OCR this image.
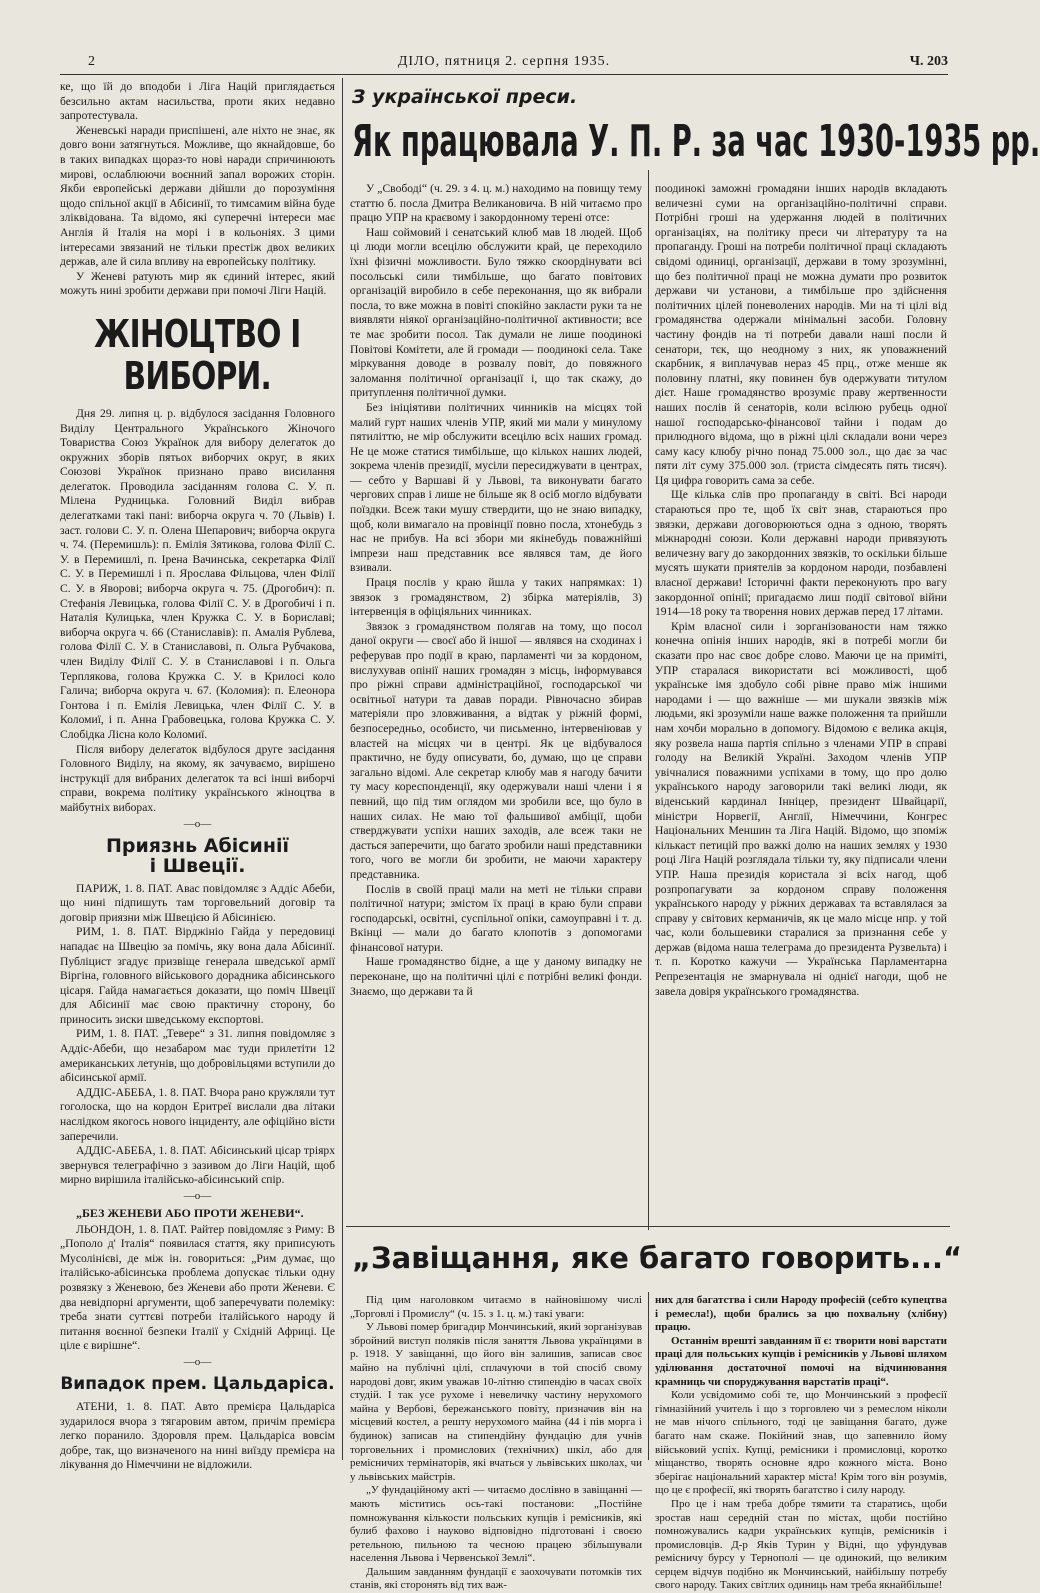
2	ДІЛО, пятниця 2. серпня 1935.	Ч. 203

ке, що їй до вподоби і Ліга Націй приглядається безсильно актам насильства, проти яких недавно запротестувала.

Женевські наради приспішені, але ніхто не знає, як довго вони затягнуться. Можливе, що якнайдовше, бо в таких випадках щораз-то нові наради спричинюють мирові, ослаблюючи воєнний запал ворожих сторін. Якби европейські держави дійшли до порозуміння щодо спільної акції в Абісинії, то тимсамим війна буде зліквідована. Та відомо, які суперечні інтереси має Англія й Італія на морі і в кольоніях. З цими інтересами звязаний не тільки престіж двох великих держав, але й сила впливу на европейську політику.

У Женеві ратують мир як єдиний інтерес, який можуть нині зробити держави при помочі Ліги Націй.

ЖІНОЦТВО І ВИБОРИ.

Дня 29. липня ц. р. відбулося засідання Головного Виділу Центрального Українського Жіночого Товариства Союз Українок для вибору делегаток до окружних зборів пятьох виборчих округ, в яких Союзові Українок признано право висилання делегаток. Проводила засіданням голова С. У. п. Мілена Рудницька. Головний Виділ вибрав делегатками такі пані: виборча округа ч. 70 (Львів) І. заст. голови С. У. п. Олена Шепарович; виборча округа ч. 74. (Перемишль): п. Емілія Зятикова, голова Філії С. У. в Перемишлі, п. Ірена Вачинська, секретарка Філії С. У. в Перемишлі і п. Ярослава Фільцова, член Філії С. У. в Яворові; виборча округа ч. 75. (Дрогобич): п. Стефанія Левицька, голова Філії С. У. в Дрогобичі і п. Наталія Кулицька, член Кружка С. У. в Бориславі; виборча округа ч. 66 (Станиславів): п. Амалія Рублева, голова Філії С. У. в Станиславові, п. Ольга Рубчакова, член Виділу Філії С. У. в Станиславові і п. Ольга Терплякова, голова Кружка С. У. в Крилосі коло Галича; виборча округа ч. 67. (Коломия): п. Елеонора Гонтова і п. Емілія Левицька, член Філії С. У. в Коломиї, і п. Анна Грабовецька, голова Кружка С. У. Слобідка Лісна коло Коломиї.

Після вибору делегаток відбулося друге засідання Головного Виділу, на якому, як зачуваємо, вирішено інструкції для вибраних делегаток та всі інші виборчі справи, вокрема політику українського жіноцтва в майбутніх виборах.

—o—
Приязнь Абісинії
і Швеції.

ПАРИЖ, 1. 8. ПАТ. Авас повідомляє з Аддіс Абеби, що нині підпишуть там торговельний договір та договір приязни між Швецією й Абісинією.

РИМ, 1. 8. ПАТ. Вірджініо Гайда у передовиці нападає на Швецію за помічь, яку вона дала Абісинії. Публіцист згадує призвіще генерала шведської армії Віргіна, головного військового дорадника абісинського цісаря. Гайда намагається доказати, що поміч Швеції для Абісинії має свою практичну сторону, бо приносить зиски шведському експортові.

РИМ, 1. 8. ПАТ. „Тевере“ з 31. липня повідомляє з Аддіс-Абеби, що незабаром має туди прилетіти 12 американських летунів, що добровільцями вступили до абісинської армії.

АДДІС-АБЕБА, 1. 8. ПАТ. Вчора рано кружляли тут гоголоска, що на кордон Еритреї вислали два літаки наслідком якогось нового інциденту, але офіційно вісти заперечили.

АДДІС-АБЕБА, 1. 8. ПАТ. Абісинський цісар тріярх звернувся телеграфічно з зазивом до Ліги Націй, щоб мирно вирішила італійсько-абісинський спір.

—o—
„БЕЗ ЖЕНЕВИ АБО ПРОТИ ЖЕНЕВИ“.

ЛЬОНДОН, 1. 8. ПАТ. Райтер повідомляє з Риму: В „Пополо д' Італія“ появилася стаття, яку приписують Мусолінієві, де між ін. говориться: „Рим думає, що італійсько-абісинська проблема допускає тільки одну розвязку з Женевою, без Женеви або проти Женеви. Є два невідпорні аргументи, щоб заперечувати полеміку: треба знати суттєві потреби італійського народу й питання воєнної безпеки Італії у Східній Африці. Це ціле є вирішне“.

—o—
Випадок прем. Цальдаріса.

АТЕНИ, 1. 8. ПАТ. Авто премієра Цальдаріса зударилося вчора з тягаровим автом, причім премієра легко поранило. Здоровля прем. Цальдаріса вовсім добре, так, що визначеного на нині виїзду премієра на лікування до Німеччини не відложили.

З української преси.
Як працювала У. П. Р. за час 1930-1935 рр.

У „Свободі“ (ч. 29. з 4. ц. м.) находимо на повищу тему статтю б. посла Дмитра Великановича. В ній читаємо про працю УПР на краєвому і закордонному терені отсе:

Наш соймовий і сенатський клюб мав 18 людей. Щоб ці люди могли всецілю обслужити край, це переходило їхні фізичні можливости. Було тяжко скоордінувати всі посольські сили тимбільше, що багато повітових організацій виробило в себе переконання, що як вибрали посла, то вже можна в повіті спокійно закласти руки та не виявляти ніякої організаційно-політичної активности; все те має зробити посол. Так думали не лише поодинокі Повітові Комітети, але й громади — поодинокі села. Таке міркування доводе в розвалу повіт, до повяжного заломання політичної організації і, що так скажу, до притуплення політичної думки.

Без ініціятиви політичних чинників на місцях той малий гурт наших членів УПР, який ми мали у минулому пятиліттю, не мір обслужити всецілю всіх наших громад. Не це може статися тимбільше, що кількох наших людей, зокрема членів президії, мусіли пересиджувати в центрах, — себто у Варшаві й у Львові, та виконувати багато чергових справ і лише не більше як 8 осіб могло відбувати поїздки. Всеж таки мушу ствердити, що не знаю випадку, щоб, коли вимагало на провінції повно посла, хтонебудь з нас не прибув. На всі збори ми якінебудь поважнійші імпрези наш представник все являвся там, де його взивали.

Праця послів у краю йшла у таких напрямках: 1) звязок з громадянством, 2) збірка матеріялів, 3) інтервенція в офіціяльних чинниках.

Звязок з громадянством полягав на тому, що посол даної округи — своєї або й іншої — являвся на сходинах і реферував про події в краю, парламенті чи за кордоном, вислухував опінії наших громадян з місць, інформувався про ріжні справи адміністраційної, господарської чи освітньої натури та давав поради. Рівночасно збирав матеріяли про зловживання, а відтак у ріжній формі, безпосередньо, особисто, чи письменно, інтервеніював у властей на місцях чи в центрі. Як це відбувалося практично, не буду описувати, бо, думаю, що це справи загально відомі. Але секретар клюбу мав я нагоду бачити ту масу кореспонденції, яку одержували наші члени і я певний, що під тим оглядом ми зробили все, що було в наших силах. Не маю тої фальшивої амбіції, щоби стверджувати успіхи наших заходів, але всеж таки не дасться заперечити, що багато зробили наші представники того, чого ве могли би зробити, не маючи характеру представника.

Послів в своїй праці мали на меті не тільки справи політичної натури; змістом їх праці в краю були справи господарські, освітні, суспільної опіки, самоуправні і т. д. Вкінці — мали до багато клопотів з допомогами фінансової натури.

Наше громадянство бідне, а ще у даному випадку не переконане, що на політичні цілі є потрібні великі фонди. Знаємо, що держави та й

поодинокі заможні громадяни інших народів вкладають величезні суми на організаційно-політичні справи. Потрібні гроші на удержання людей в політичних організаціях, на політику преси чи літературу та на пропаганду. Гроші на потреби політичної праці складають свідомі одиниці, організації, держави в тому зрозумінні, що без політичної праці не можна думати про розвиток держави чи установи, а тимбільше про здійснення політичних цілей поневолених народів. Ми на ті цілі від громадянства одержали мінімальні засоби. Головну частину фондів на ті потреби давали наші посли й сенатори, тєк, що неодному з них, як уповажнений скарбник, я виплачував нераз 45 прц., отже менше як половину платні, яку повинен був одержувати титулом дієт. Наше громадянство врозуміє праву жертвенности наших послів й сенаторів, коли всілюю рубець одної нашої господарсько-фінансової тайни і подам до прилюдного відома, що в ріжні цілі складали вони через саму касу клюбу річно понад 75.000 зол., що дає за час пяти літ суму 375.000 зол. (триста сімдесять пять тисяч). Ця цифра говорить сама за себе.

Ще кілька слів про пропаганду в світі. Всі народи стараються про те, щоб їх світ знав, стараються про звязки, держави договорюються одна з одною, творять міжнародні союзи. Коли державні народи привязують величезну вагу до закордонних звязків, то оскільки більше мусять шукати приятелів за кордоном народи, позбавлені власної держави! Історичні факти переконують про вагу закордонної опінії; пригадаємо лиш події світової війни 1914—18 року та творення нових держав перед 17 літами.

Крім власної сили і зорганізованости нам тяжко конечна опінія інших народів, які в потребі могли би сказати про нас своє добре слово. Маючи це на приміті, УПР старалася використати всі можливості, щоб українське імя здобуло собі рівне право між іншими народами і — що важніше — ми шукали звязків між людьми, які зрозуміли наше важке положення та прийшли нам хочби морально в допомогу. Відомою є велика акція, яку розвела наша партія спільно з членами УПР в справі голоду на Великій Україні. Заходом членів УПР увічналися поважними успіхами в тому, що про долю українського народу заговорили такі великі люди, як віденський кардинал Інніцер, президент Швайцарії, міністри Норвегії, Англії, Німеччини, Конгрес Національних Меншин та Ліга Націй. Відомо, що зпоміж кількаст петицій про важкі долю на наших землях у 1930 році Ліга Націй розглядала тільки ту, яку підписали члени УПР. Наша президія користала зі всіх нагод, щоб розпропагувати за кордоном справу положення українського народу у ріжних державах та вставлялася за справу у світових керманичів, як це мало місце нпр. у той час, коли большевики старалися за признання себе у держав (відома наша телеграма до президента Рузвельта) і т. п. Коротко кажучи — Українська Парламентарна Репрезентація не змарнувала ні однієї нагоди, щоб не завела довіря українського громадянства.

„Завіщання, яке багато говорить...“

Під цим наголовком читаємо в найновішому числі „Торговлі і Промислу“ (ч. 15. з 1. ц. м.) такі уваги:

У Львові помер бригадир Мончинський, який зорганізував збройний виступ поляків після заняття Львова українцями в р. 1918. У завіщанні, що його він залишив, записав своє майно на публічні цілі, сплачуючи в той спосіб свому народові довг, яким уважав 10-літню стипендію в часах своїх студій. І так усе рухоме і невеличку частину нерухомого майна у Вербові, бережанського повіту, призначив він на місцевий костел, а решту нерухомого майна (44 і пів морга і будинок) записав на стипендійну фундацію для учнів торговельних і промислових (технічних) шкіл, або для ремісничих термінаторів, які вчаться у львівських школах, чи у львівських майстрів.

„У фундаційному акті — читаємо дослівно в завіщанні — мають міститись ось-такі постанови: „Постійне помножування кількости польських купців і ремісників, які булиб фахово і науково відповідно підготовані і своєю ретельною, пильною та чесною працею збільшували населення Львова і Червенської Землі“.

Дальшим завданням фундації є заохочувати потомків тих станів, які сторонять від тих важ-

них для багатства і сили Народу професій (себто купецтва і ремесла!), щоби брались за цю похвальну (хлібну) працю.

Останнім врешті завданням її є: творити нові варстати праці для польських купців і ремісників у Львові шляхом уділювання достаточної помочі на відчинювання крамниць чи споруджування варстатів праці“.

Коли усвідомимо собі те, що Мончинський з професії гімназійний учитель і що з торговлею чи з ремеслом ніколи не мав нічого спільного, тоді це завіщання багато, дуже багато нам скаже. Покійний знав, що запевнило йому військовий успіх. Купці, ремісники і промисловці, коротко міщанство, творять основне ядро кожного міста. Воно зберігає національний характер міста! Крім того він розумів, що це є професії, які творять багатство і силу народу.

Про це і нам треба добре тямити та старатись, щоби зростав наш середній стан по містах, щоби постійно помножувались кадри українських купців, ремісників і промисловців. Д-р Яків Турин у Відні, що уфундував ремісничу бурсу у Тернополі — це одинокий, що великим серцем відчув подібно як Мончинський, найбільшу потребу свого народу. Таких світлих одиниць нам треба якнайбільше!
